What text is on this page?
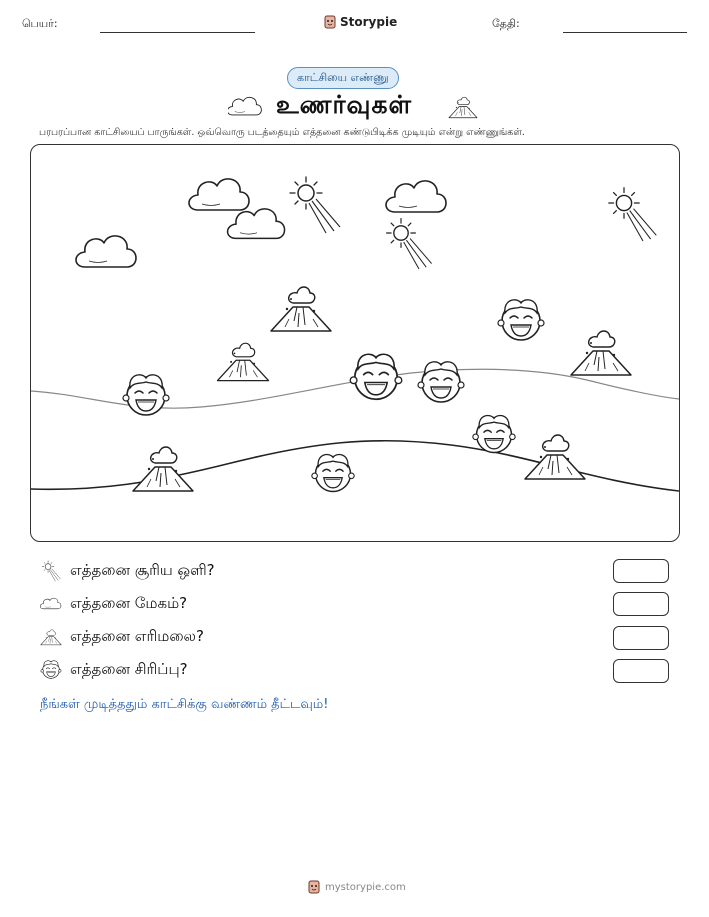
பெயர்:	Storypie	தேதி:
காட்சியை எண்ணு
உணர்வுகள்
பரபரப்பான காட்சியைப் பாருங்கள். ஒவ்வொரு படத்தையும் எத்தனை கண்டுபிடிக்க முடியும் என்று எண்ணுங்கள்.
எத்தனை சூரிய ஒளி?
எத்தனை மேகம்?
எத்தனை எரிமலை?
எத்தனை சிரிப்பு?
நீங்கள் முடித்ததும் காட்சிக்கு வண்ணம் தீட்டவும்!
mystorypie.com
